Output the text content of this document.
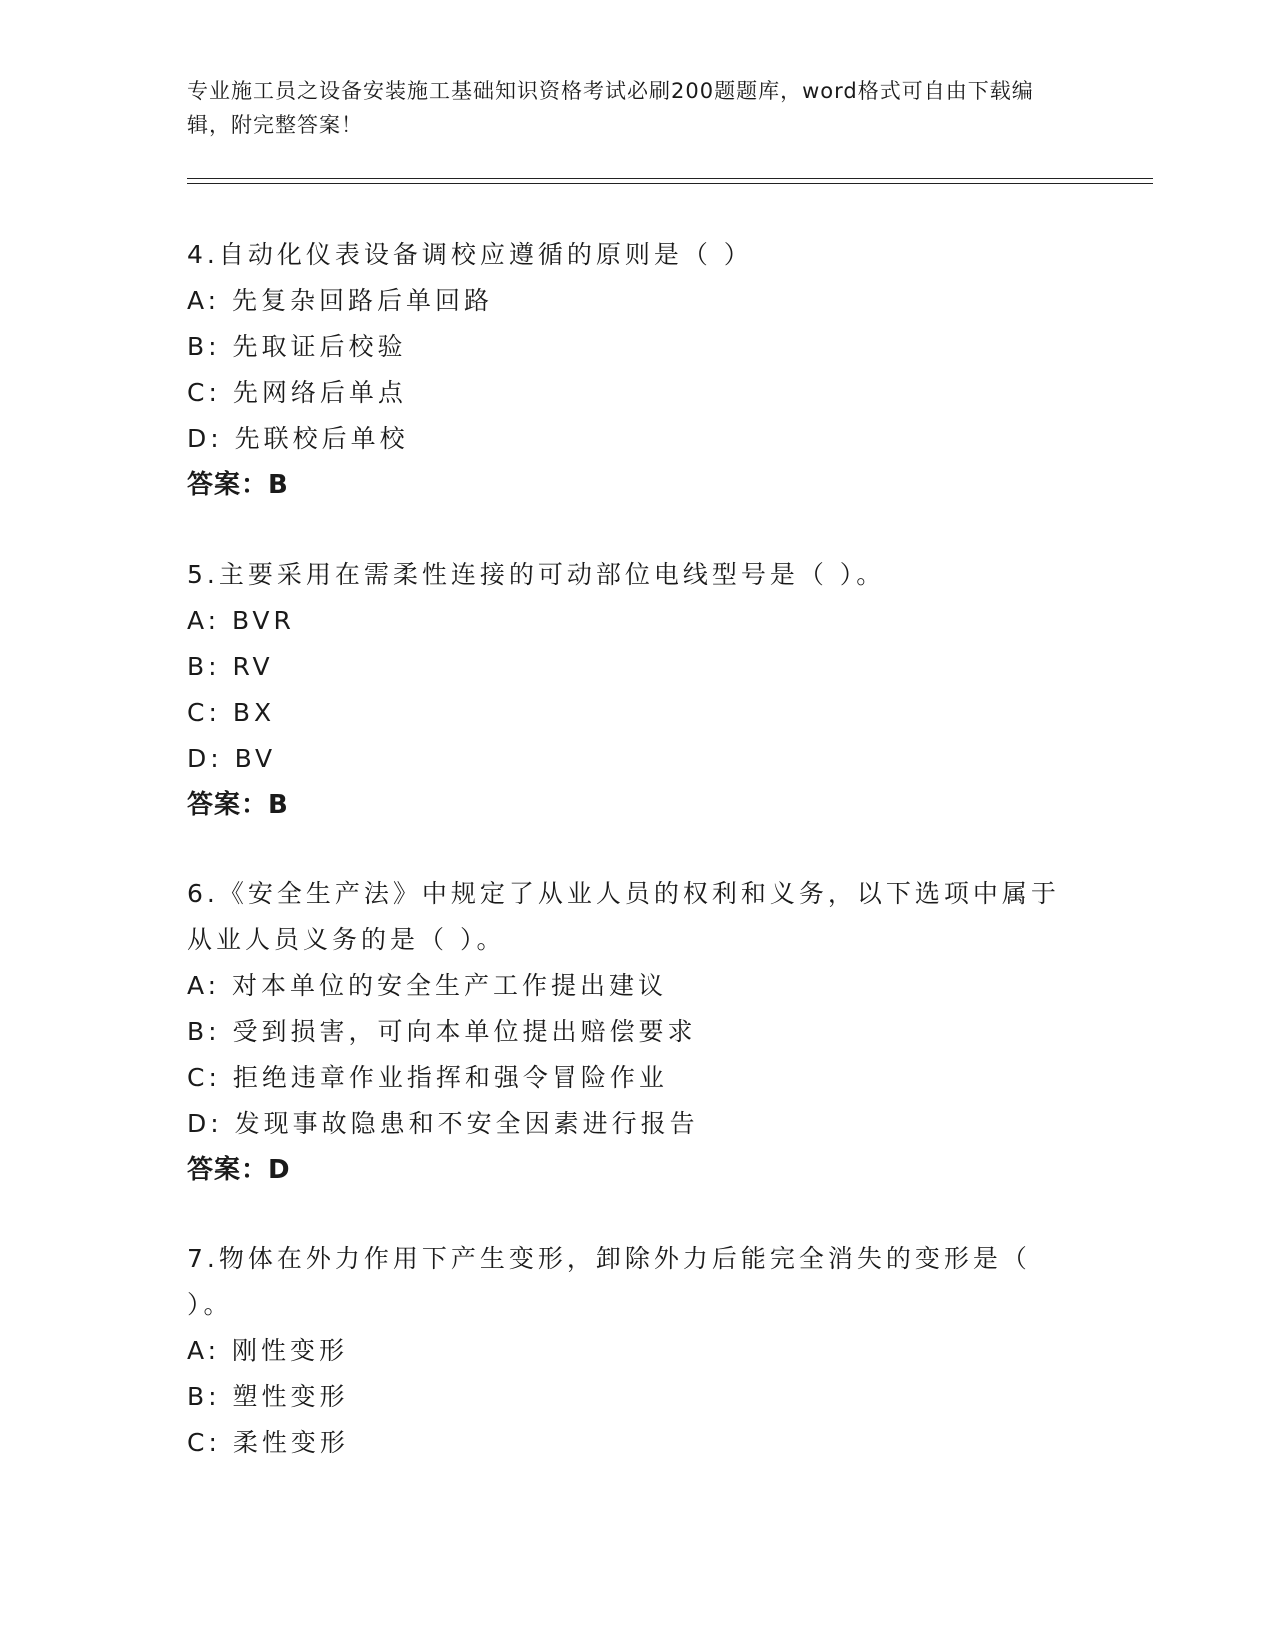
专业施工员之设备安装施工基础知识资格考试必刷200题题库，word格式可自由下载编辑，附完整答案！
4.自动化仪表设备调校应遵循的原则是（ ）
A: 先复杂回路后单回路
B: 先取证后校验
C: 先网络后单点
D: 先联校后单校
答案：B
5.主要采用在需柔性连接的可动部位电线型号是（ ）。
A: BVR
B: RV
C: BX
D: BV
答案：B
6.《安全生产法》中规定了从业人员的权利和义务，以下选项中属于从业人员义务的是（ ）。
A: 对本单位的安全生产工作提出建议
B: 受到损害，可向本单位提出赔偿要求
C: 拒绝违章作业指挥和强令冒险作业
D: 发现事故隐患和不安全因素进行报告
答案：D
7.物体在外力作用下产生变形，卸除外力后能完全消失的变形是（ ）。
A: 刚性变形
B: 塑性变形
C: 柔性变形
